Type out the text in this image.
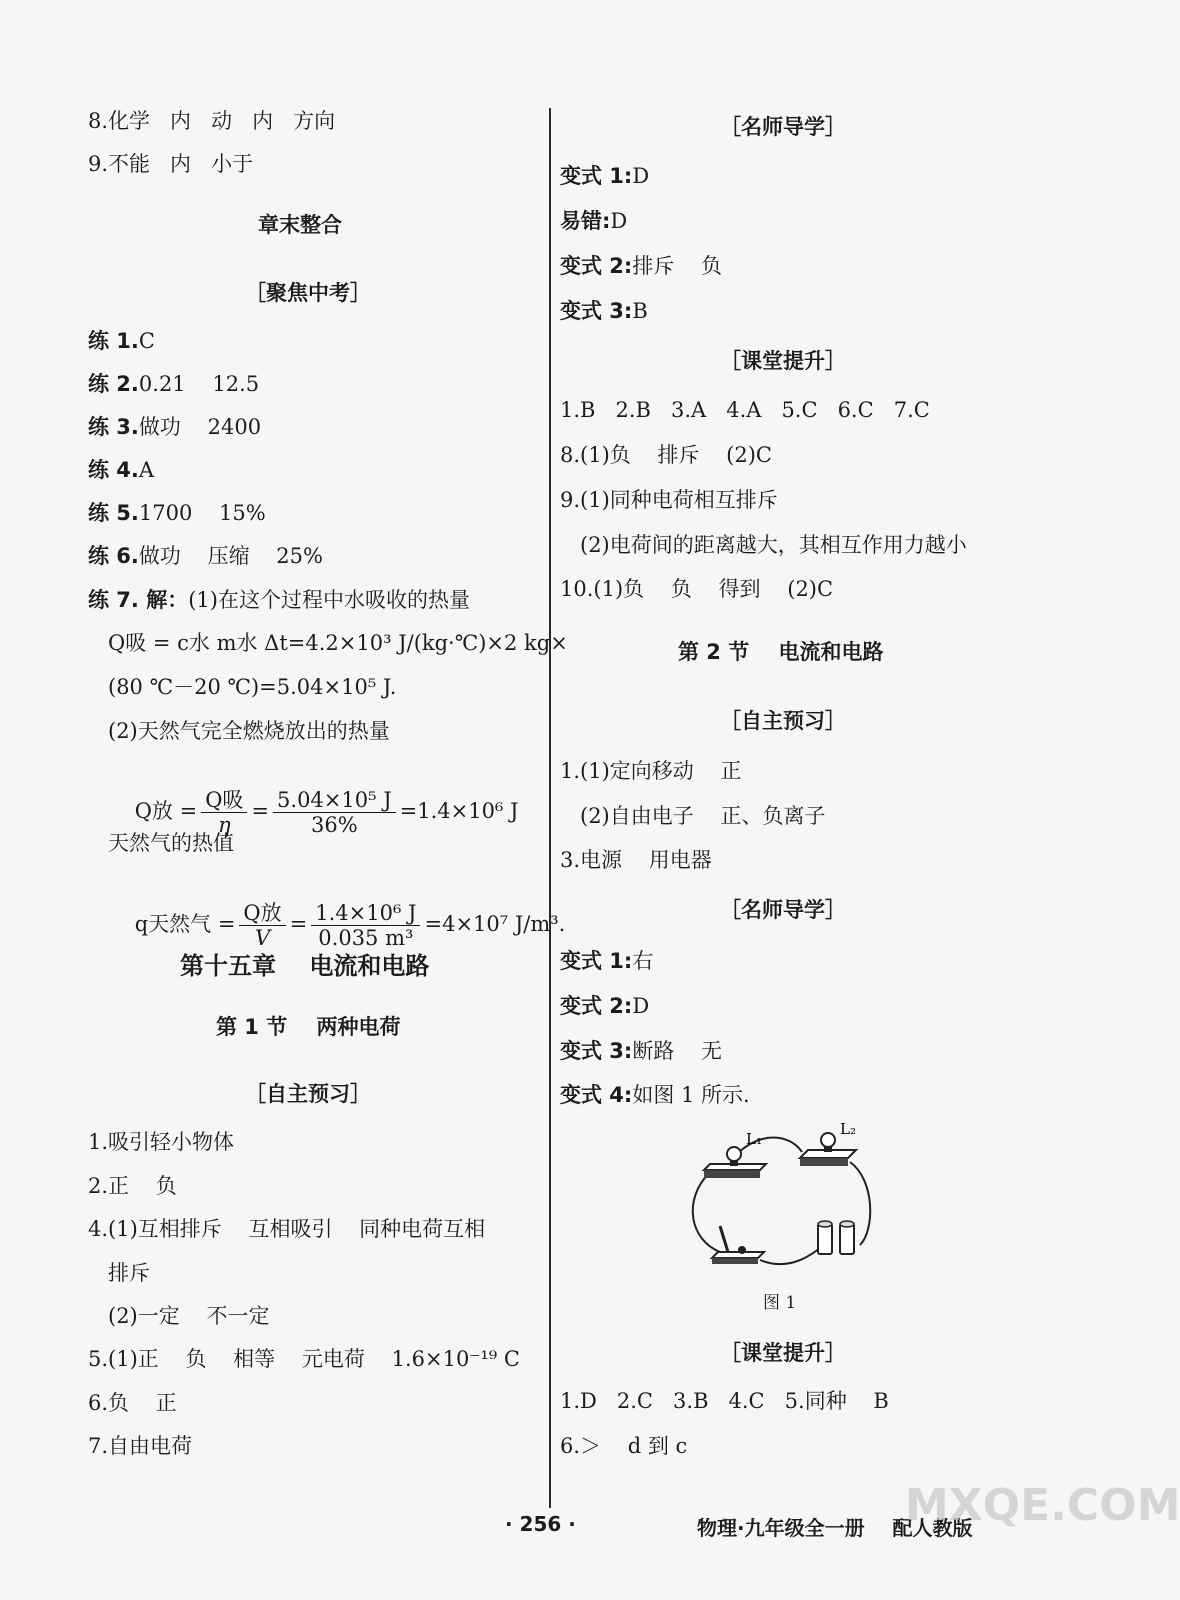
8.化学   内   动   内   方向
9.不能   内   小于
章末整合
［聚焦中考］
练 1.C
练 2.0.21    12.5
练 3.做功    2400
练 4.A
练 5.1700    15%
练 6.做功    压缩    25%
练 7. 解：(1)在这个过程中水吸收的热量
Q吸 = c水 m水 Δt=4.2×10³ J/(kg·℃)×2 kg×
(80 ℃－20 ℃)=5.04×10⁵ J.
(2)天然气完全燃烧放出的热量

Q放 = $\frac{\text{Q吸}}{\eta} = \frac{\text{5.04×10⁵ J}}{36\%} =1.4\times 10^6$ J

天然气的热值

q天然气 = $\frac{\text{Q放}}{V} = \frac{\text{1.4×10⁶ J}}{\text{0.035 m³}} =4\times 10^7$ J/m³.

第十五章    电流和电路
第 1 节    两种电荷
［自主预习］
1.吸引轻小物体
2.正    负
4.(1)互相排斥    互相吸引    同种电荷互相
排斥
(2)一定    不一定
5.(1)正    负    相等    元电荷    1.6×10⁻¹⁹ C
6.负    正
7.自由电荷
［名师导学］
变式 1:D
易错:D
变式 2:排斥    负
变式 3:B
［课堂提升］
1.B   2.B   3.A   4.A   5.C   6.C   7.C
8.(1)负    排斥    (2)C
9.(1)同种电荷相互排斥
(2)电荷间的距离越大，其相互作用力越小
10.(1)负    负    得到    (2)C
第 2 节    电流和电路
［自主预习］
1.(1)定向移动    正
(2)自由电子    正、负离子
3.电源    用电器
［名师导学］
变式 1:右
变式 2:D
变式 3:断路    无
变式 4:如图 1 所示.
L₁
L₂
图 1
［课堂提升］
1.D   2.C   3.B   4.C   5.同种    B
6.＞    d 到 c
· 256 ·	物理·九年级全一册    配人教版
MXQE.COM
